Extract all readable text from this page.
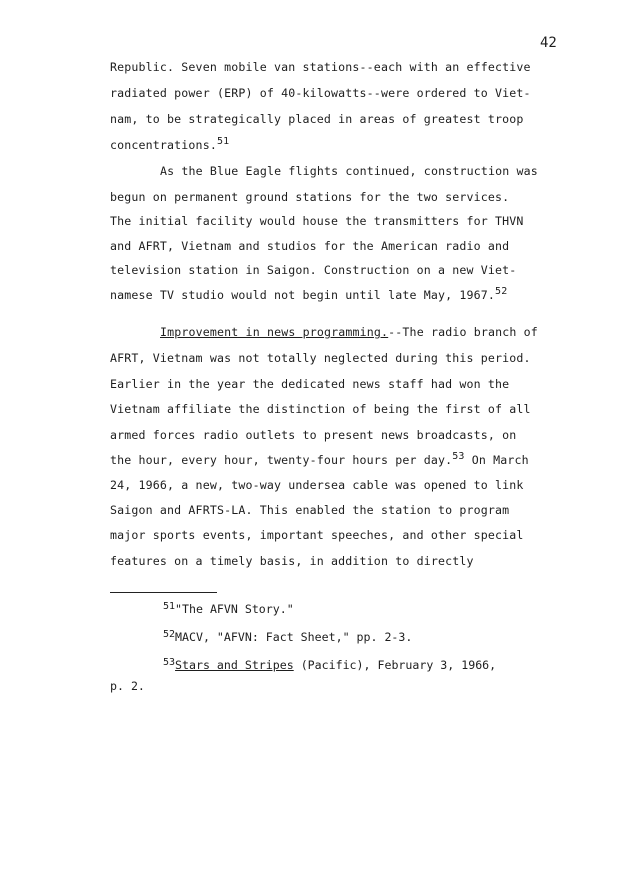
42
Republic. Seven mobile van stations--each with an effective
radiated power (ERP) of 40-kilowatts--were ordered to Viet-
nam, to be strategically placed in areas of greatest troop
concentrations.$^{51}$
As the Blue Eagle flights continued, construction was
begun on permanent ground stations for the two services.
The initial facility would house the transmitters for THVN
and AFRT, Vietnam and studios for the American radio and
television station in Saigon. Construction on a new Viet-
namese TV studio would not begin until late May, 1967.52
Improvement in news programming.--The radio branch of
AFRT, Vietnam was not totally neglected during this period.
Earlier in the year the dedicated news staff had won the
Vietnam affiliate the distinction of being the first of all
armed forces radio outlets to present news broadcasts, on
the hour, every hour, twenty-four hours per day.$^{53}$ On March
24, 1966, a new, two-way undersea cable was opened to link
Saigon and AFRTS-LA. This enabled the station to program
major sports events, important speeches, and other special
features on a timely basis, in addition to directly
$^{51}$"The AFVN Story."
$^{52}$MACV, "AFVN: Fact Sheet," pp. 2-3.
$^{53}$Stars and Stripes (Pacific), February 3, 1966,
p. 2.
